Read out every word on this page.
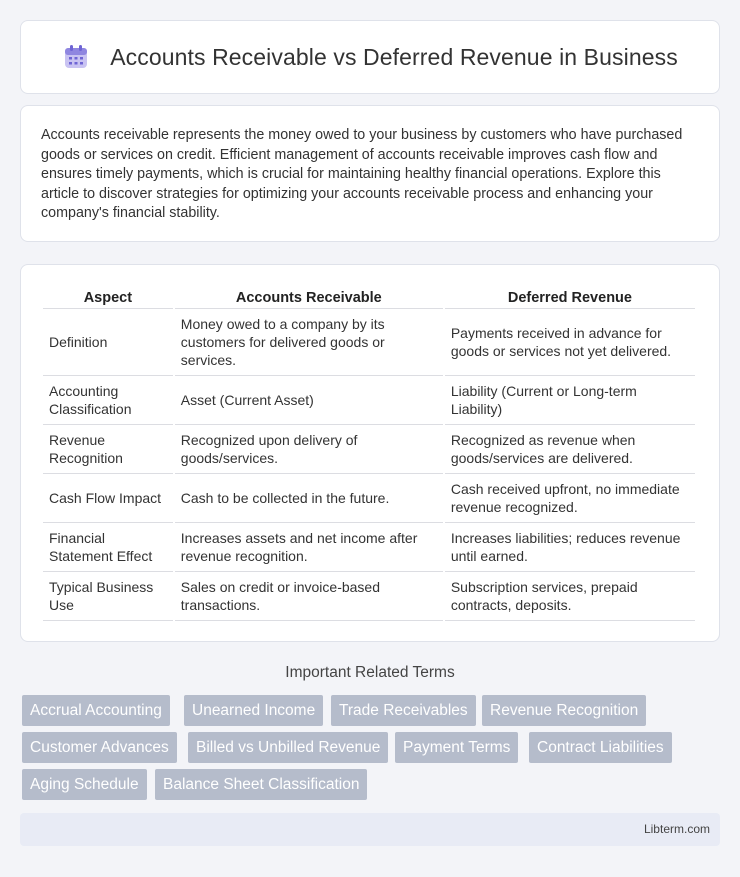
Accounts Receivable vs Deferred Revenue in Business

Accounts receivable represents the money owed to your business by customers who have purchased goods or services on credit. Efficient management of accounts receivable improves cash flow and ensures timely payments, which is crucial for maintaining healthy financial operations. Explore this article to discover strategies for optimizing your accounts receivable process and enhancing your company's financial stability.

Aspect	Accounts Receivable	Deferred Revenue
Definition	Money owed to a company by its customers for delivered goods or services.	Payments received in advance for goods or services not yet delivered.
Accounting Classification	Asset (Current Asset)	Liability (Current or Long-term Liability)
Revenue Recognition	Recognized upon delivery of goods/services.	Recognized as revenue when goods/services are delivered.
Cash Flow Impact	Cash to be collected in the future.	Cash received upfront, no immediate revenue recognized.
Financial Statement Effect	Increases assets and net income after revenue recognition.	Increases liabilities; reduces revenue until earned.
Typical Business Use	Sales on credit or invoice-based transactions.	Subscription services, prepaid contracts, deposits.
Important Related Terms
Accrual Accounting	Unearned Income	Trade Receivables	Revenue Recognition
Customer Advances	Billed vs Unbilled Revenue	Payment Terms	Contract Liabilities
Aging Schedule	Balance Sheet Classification
Libterm.com
